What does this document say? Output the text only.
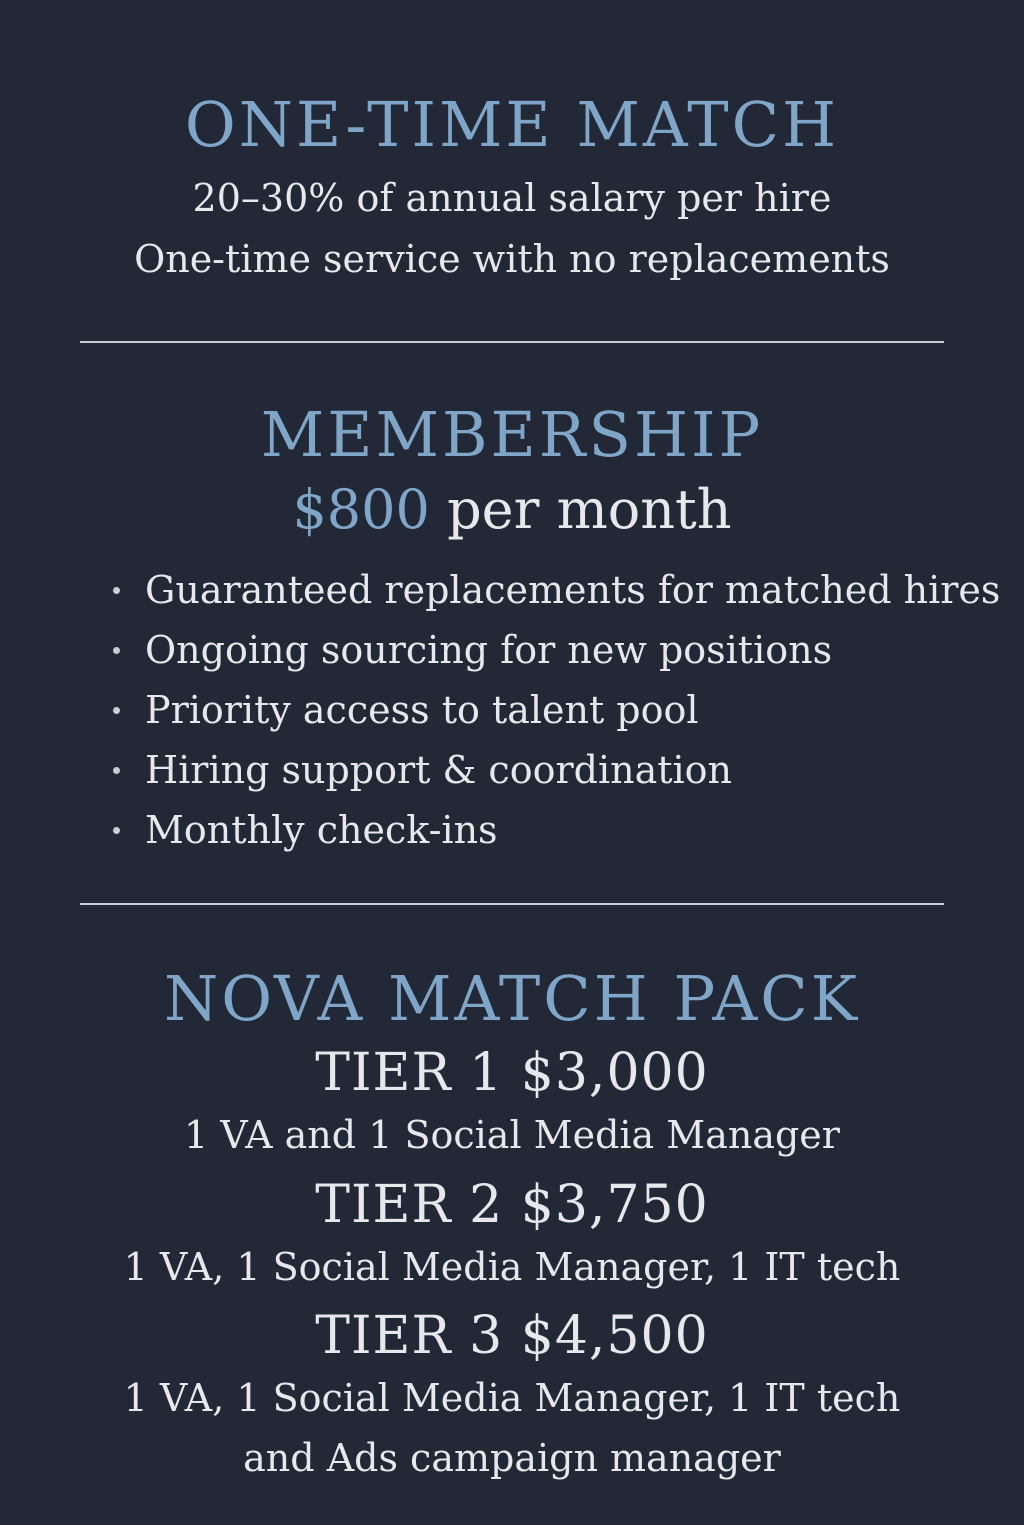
ONE-TIME MATCH
20–30% of annual salary per hire
One-time service with no replacements
MEMBERSHIP
$800 per month
Guaranteed replacements for matched hires
Ongoing sourcing for new positions
Priority access to talent pool
Hiring support & coordination
Monthly check-ins
NOVA MATCH PACK
TIER 1 $3,000
1 VA and 1 Social Media Manager
TIER 2 $3,750
1 VA, 1 Social Media Manager, 1 IT tech
TIER 3 $4,500
1 VA, 1 Social Media Manager, 1 IT tech
and Ads campaign manager
